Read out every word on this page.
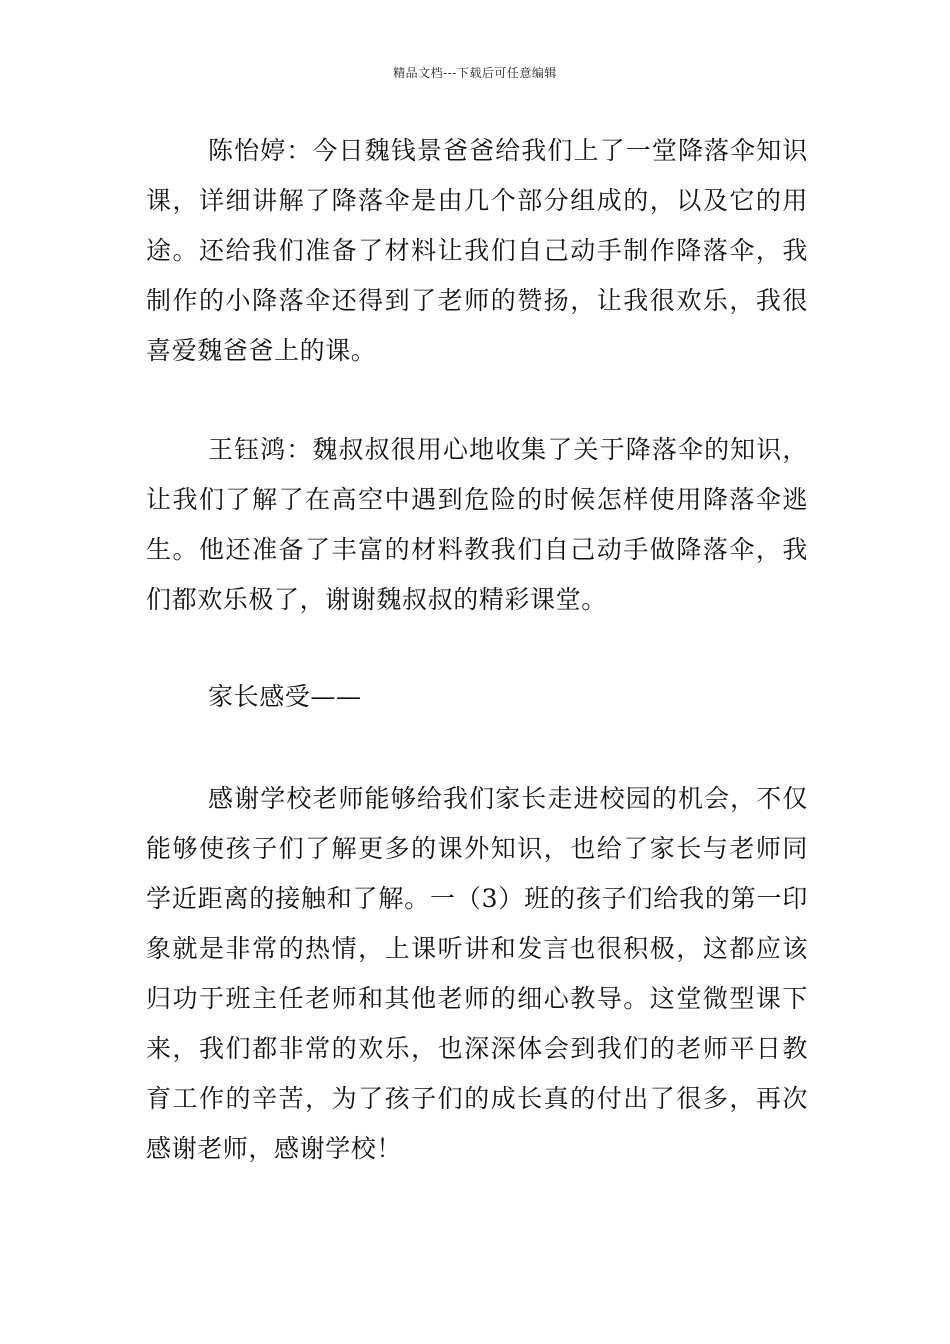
精品文档---下载后可任意编辑

陈怡婷：今日魏钱景爸爸给我们上了一堂降落伞知识课，详细讲解了降落伞是由几个部分组成的，以及它的用途。还给我们准备了材料让我们自己动手制作降落伞，我制作的小降落伞还得到了老师的赞扬，让我很欢乐，我很喜爱魏爸爸上的课。

王钰鸿：魏叔叔很用心地收集了关于降落伞的知识，让我们了解了在高空中遇到危险的时候怎样使用降落伞逃生。他还准备了丰富的材料教我们自己动手做降落伞，我们都欢乐极了，谢谢魏叔叔的精彩课堂。

家长感受——

感谢学校老师能够给我们家长走进校园的机会，不仅能够使孩子们了解更多的课外知识，也给了家长与老师同学近距离的接触和了解。一（3）班的孩子们给我的第一印象就是非常的热情，上课听讲和发言也很积极，这都应该归功于班主任老师和其他老师的细心教导。这堂微型课下来，我们都非常的欢乐，也深深体会到我们的老师平日教育工作的辛苦，为了孩子们的成长真的付出了很多，再次感谢老师，感谢学校！
